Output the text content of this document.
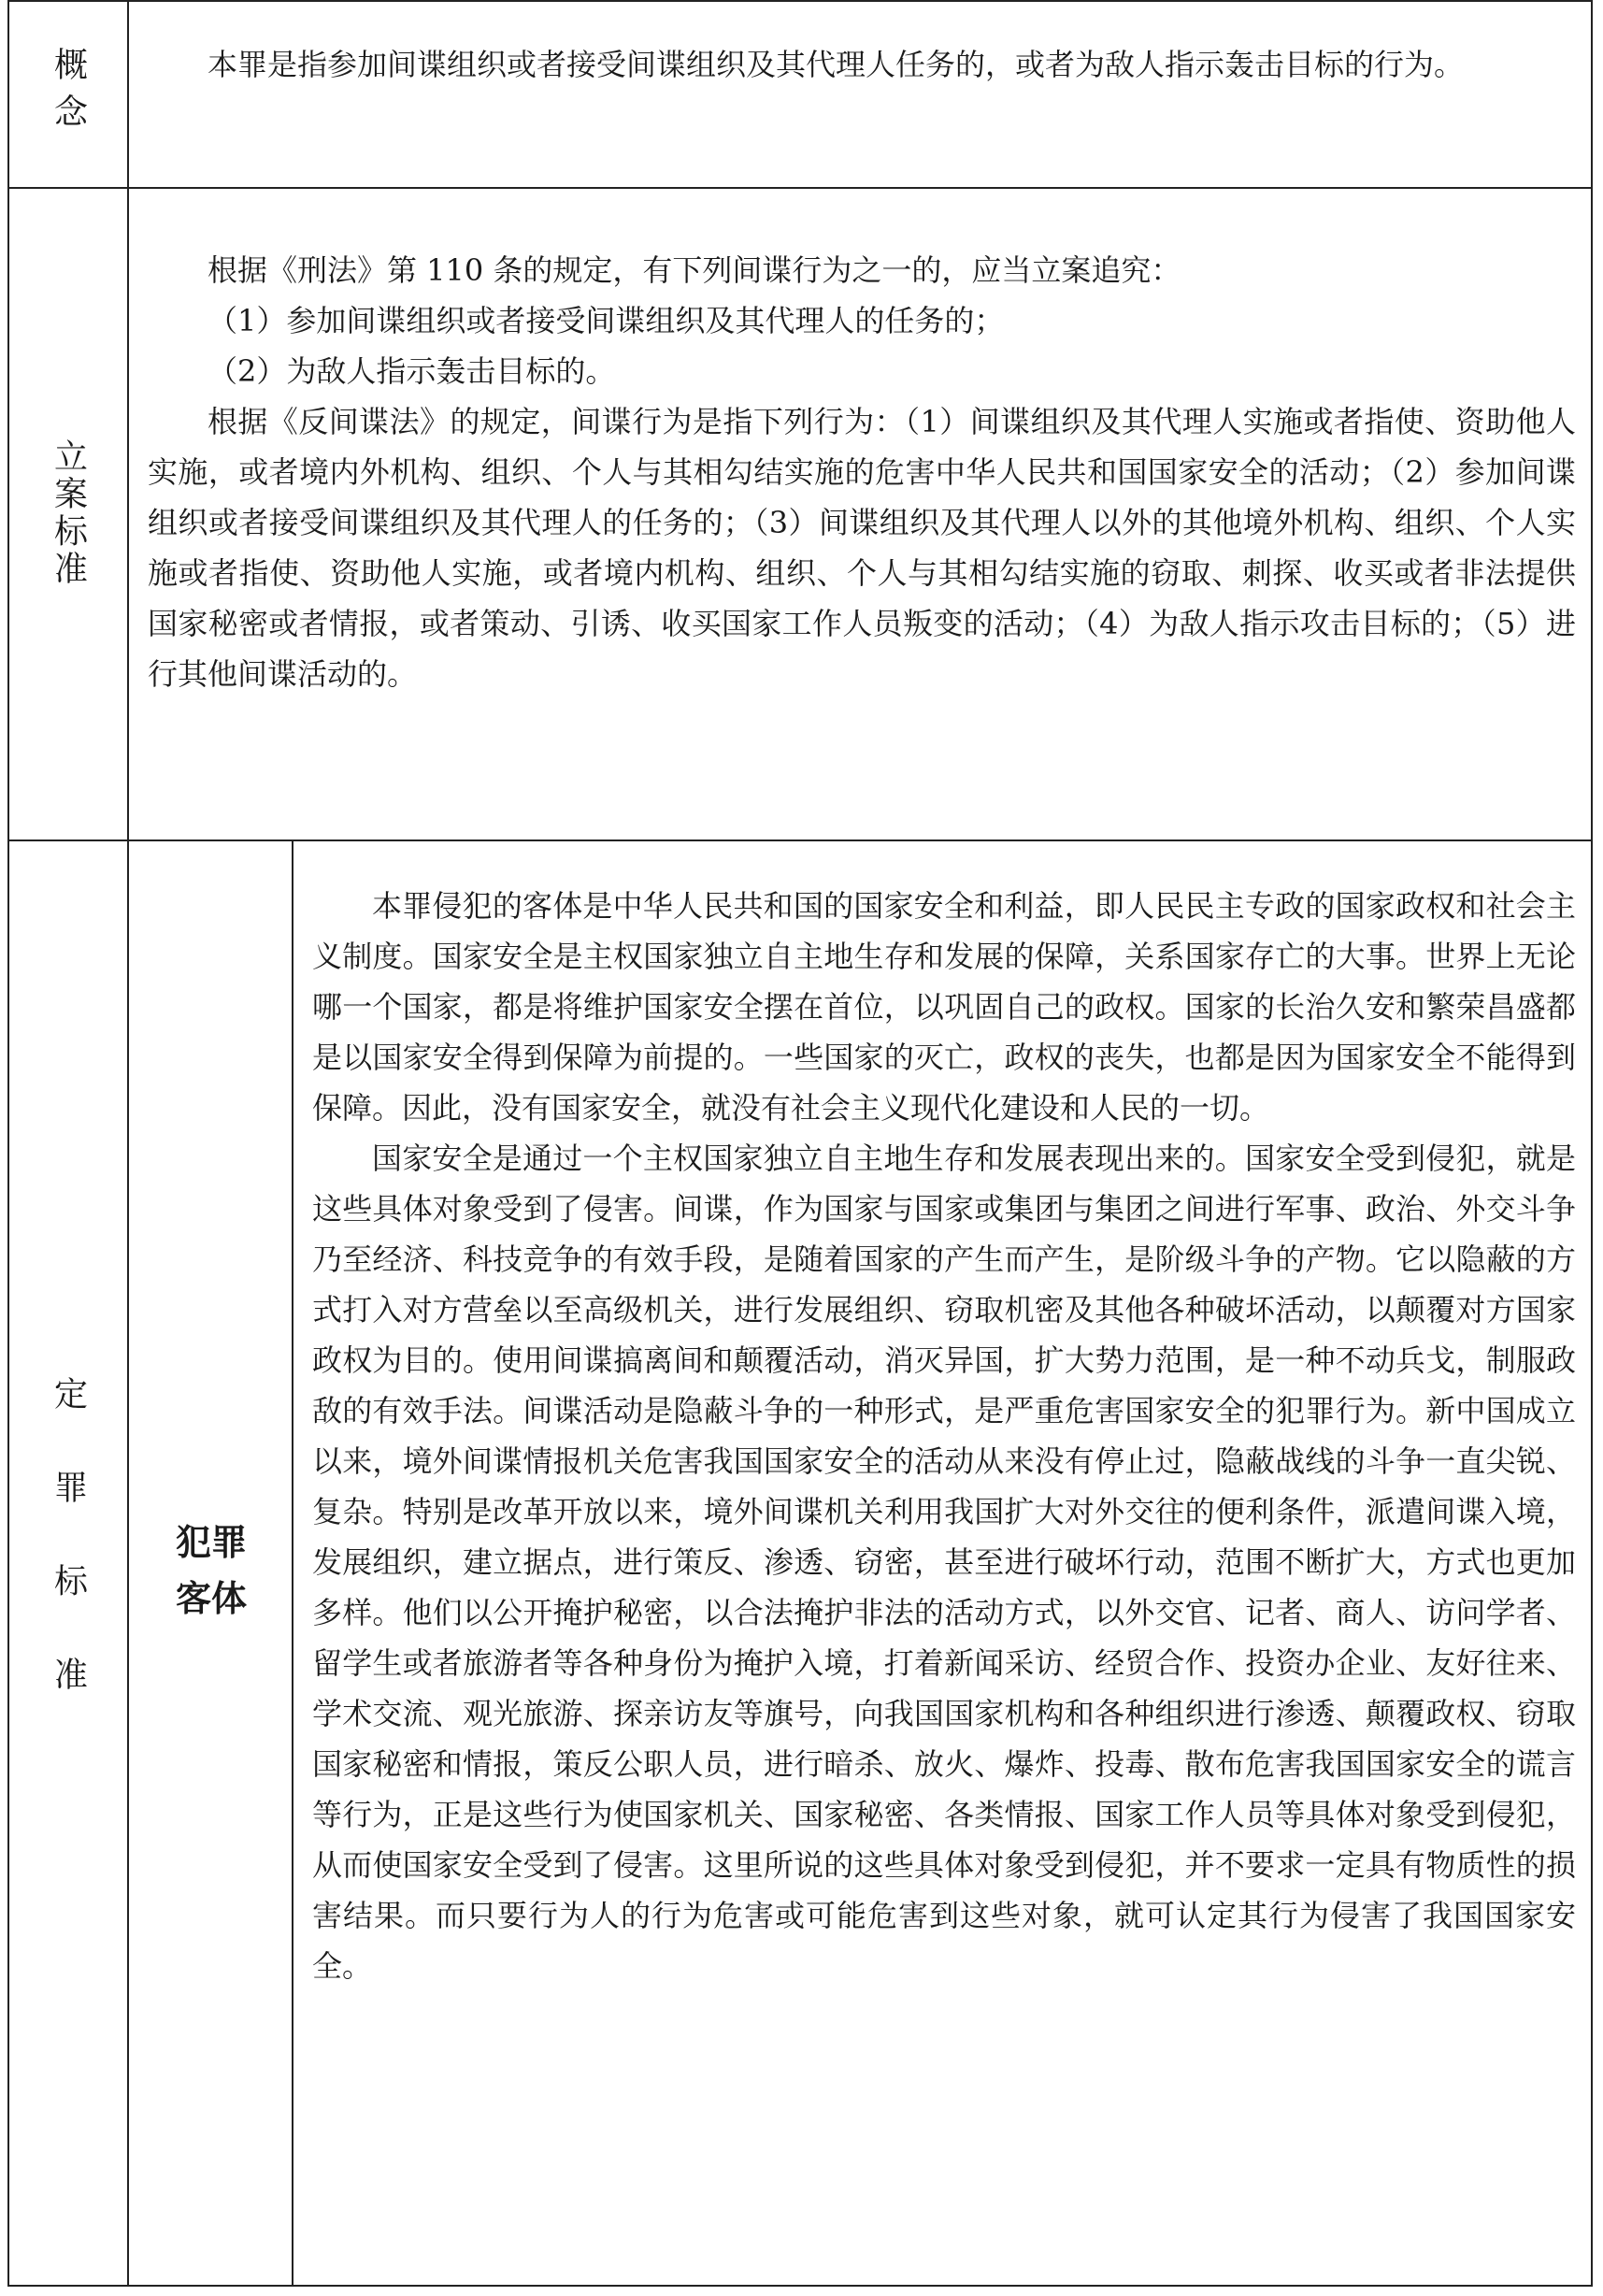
概念	本罪是指参加间谍组织或者接受间谍组织及其代理人任务的，或者为敌人指示轰击目标的行为。

立案标准

根据《刑法》第 110 条的规定，有下列间谍行为之一的，应当立案追究：

（1）参加间谍组织或者接受间谍组织及其代理人的任务的；

（2）为敌人指示轰击目标的。

根据《反间谍法》的规定，间谍行为是指下列行为：（1）间谍组织及其代理人实施或者指使、资助他人实施，或者境内外机构、组织、个人与其相勾结实施的危害中华人民共和国国家安全的活动；（2）参加间谍组织或者接受间谍组织及其代理人的任务的；（3）间谍组织及其代理人以外的其他境外机构、组织、个人实施或者指使、资助他人实施，或者境内机构、组织、个人与其相勾结实施的窃取、刺探、收买或者非法提供国家秘密或者情报，或者策动、引诱、收买国家工作人员叛变的活动；（4）为敌人指示攻击目标的；（5）进行其他间谍活动的。

定罪标准	犯罪
客体

本罪侵犯的客体是中华人民共和国的国家安全和利益，即人民民主专政的国家政权和社会主义制度。国家安全是主权国家独立自主地生存和发展的保障，关系国家存亡的大事。世界上无论哪一个国家，都是将维护国家安全摆在首位，以巩固自己的政权。国家的长治久安和繁荣昌盛都是以国家安全得到保障为前提的。一些国家的灭亡，政权的丧失，也都是因为国家安全不能得到保障。因此，没有国家安全，就没有社会主义现代化建设和人民的一切。

国家安全是通过一个主权国家独立自主地生存和发展表现出来的。国家安全受到侵犯，就是这些具体对象受到了侵害。间谍，作为国家与国家或集团与集团之间进行军事、政治、外交斗争乃至经济、科技竞争的有效手段，是随着国家的产生而产生，是阶级斗争的产物。它以隐蔽的方式打入对方营垒以至高级机关，进行发展组织、窃取机密及其他各种破坏活动，以颠覆对方国家政权为目的。使用间谍搞离间和颠覆活动，消灭异国，扩大势力范围，是一种不动兵戈，制服政敌的有效手法。间谍活动是隐蔽斗争的一种形式，是严重危害国家安全的犯罪行为。新中国成立以来，境外间谍情报机关危害我国国家安全的活动从来没有停止过，隐蔽战线的斗争一直尖锐、复杂。特别是改革开放以来，境外间谍机关利用我国扩大对外交往的便利条件，派遣间谍入境，发展组织，建立据点，进行策反、渗透、窃密，甚至进行破坏行动，范围不断扩大，方式也更加多样。他们以公开掩护秘密，以合法掩护非法的活动方式，以外交官、记者、商人、访问学者、留学生或者旅游者等各种身份为掩护入境，打着新闻采访、经贸合作、投资办企业、友好往来、学术交流、观光旅游、探亲访友等旗号，向我国国家机构和各种组织进行渗透、颠覆政权、窃取国家秘密和情报，策反公职人员，进行暗杀、放火、爆炸、投毒、散布危害我国国家安全的谎言等行为，正是这些行为使国家机关、国家秘密、各类情报、国家工作人员等具体对象受到侵犯，从而使国家安全受到了侵害。这里所说的这些具体对象受到侵犯，并不要求一定具有物质性的损害结果。而只要行为人的行为危害或可能危害到这些对象，就可认定其行为侵害了我国国家安全。
